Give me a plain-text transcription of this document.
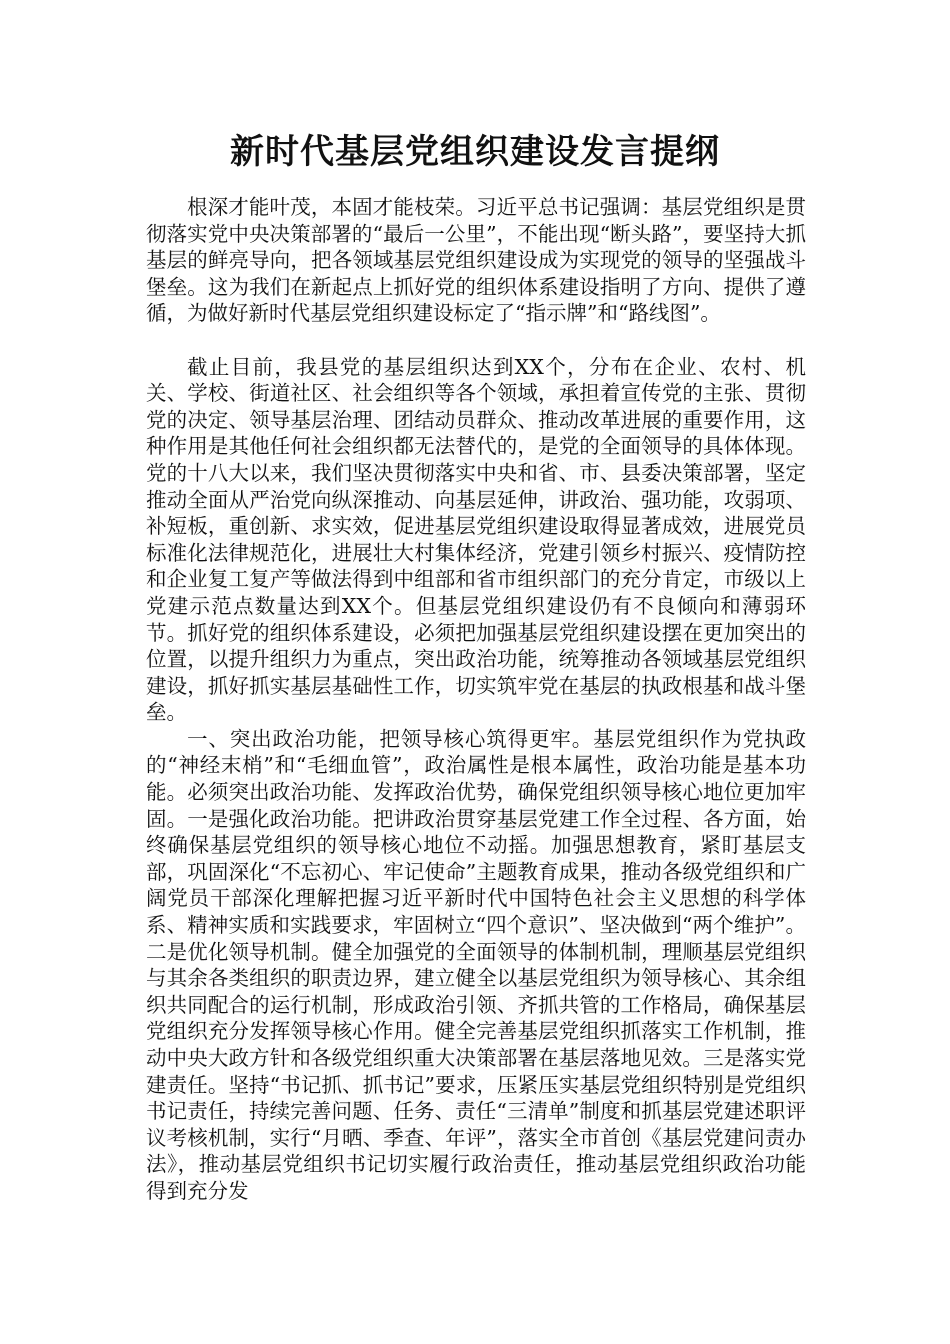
新时代基层党组织建设发言提纲

根深才能叶茂，本固才能枝荣。习近平总书记强调：基层党组织是贯彻落实党中央决策部署的“最后一公里”，不能出现“断头路”，要坚持大抓基层的鲜亮导向，把各领域基层党组织建设成为实现党的领导的坚强战斗堡垒。这为我们在新起点上抓好党的组织体系建设指明了方向、提供了遵循，为做好新时代基层党组织建设标定了“指示牌”和“路线图”。

截止目前，我县党的基层组织达到XX个，分布在企业、农村、机关、学校、街道社区、社会组织等各个领域，承担着宣传党的主张、贯彻党的决定、领导基层治理、团结动员群众、推动改革进展的重要作用，这种作用是其他任何社会组织都无法替代的，是党的全面领导的具体体现。党的十八大以来，我们坚决贯彻落实中央和省、市、县委决策部署，坚定推动全面从严治党向纵深推动、向基层延伸，讲政治、强功能，攻弱项、补短板，重创新、求实效，促进基层党组织建设取得显著成效，进展党员标准化法律规范化，进展壮大村集体经济，党建引领乡村振兴、疫情防控和企业复工复产等做法得到中组部和省市组织部门的充分肯定，市级以上党建示范点数量达到XX个。但基层党组织建设仍有不良倾向和薄弱环节。抓好党的组织体系建设，必须把加强基层党组织建设摆在更加突出的位置，以提升组织力为重点，突出政治功能，统筹推动各领域基层党组织建设，抓好抓实基层基础性工作，切实筑牢党在基层的执政根基和战斗堡垒。

一、突出政治功能，把领导核心筑得更牢。基层党组织作为党执政的“神经末梢”和“毛细血管”，政治属性是根本属性，政治功能是基本功能。必须突出政治功能、发挥政治优势，确保党组织领导核心地位更加牢固。一是强化政治功能。把讲政治贯穿基层党建工作全过程、各方面，始终确保基层党组织的领导核心地位不动摇。加强思想教育，紧盯基层支部，巩固深化“不忘初心、牢记使命”主题教育成果，推动各级党组织和广阔党员干部深化理解把握习近平新时代中国特色社会主义思想的科学体系、精神实质和实践要求，牢固树立“四个意识”、坚决做到“两个维护”。二是优化领导机制。健全加强党的全面领导的体制机制，理顺基层党组织与其余各类组织的职责边界，建立健全以基层党组织为领导核心、其余组织共同配合的运行机制，形成政治引领、齐抓共管的工作格局，确保基层党组织充分发挥领导核心作用。健全完善基层党组织抓落实工作机制，推动中央大政方针和各级党组织重大决策部署在基层落地见效。三是落实党建责任。坚持“书记抓、抓书记”要求，压紧压实基层党组织特别是党组织书记责任，持续完善问题、任务、责任“三清单”制度和抓基层党建述职评议考核机制，实行“月晒、季查、年评”，落实全市首创《基层党建问责办法》，推动基层党组织书记切实履行政治责任，推动基层党组织政治功能得到充分发
